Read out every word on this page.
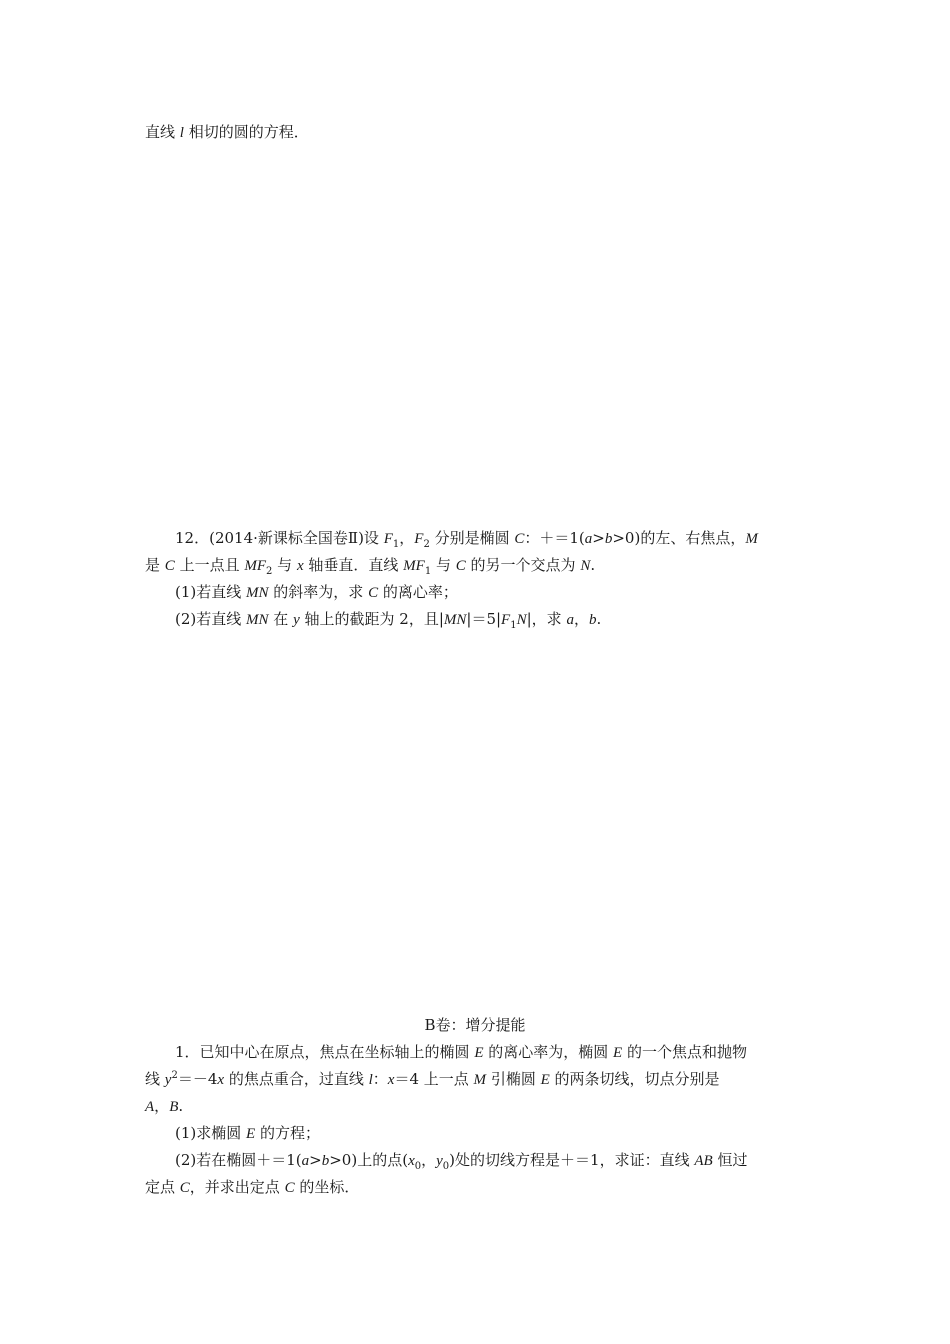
直线 l 相切的圆的方程．
12．(2014·新课标全国卷Ⅱ)设 $F_1$，$F_2$ 分别是椭圆 C：＋＝1(a>b>0)的左、右焦点，M
是 C 上一点且 $MF_2$ 与 x 轴垂直．直线 $MF_1$ 与 C 的另一个交点为 N.
(1)若直线 MN 的斜率为，求 C 的离心率；
(2)若直线 MN 在 y 轴上的截距为 2，且$|MN|=5|F_1N|$，求 a，b.
B卷：增分提能
1．已知中心在原点，焦点在坐标轴上的椭圆 E 的离心率为，椭圆 E 的一个焦点和抛物
线 $y^2=-4x$ 的焦点重合，过直线 l：x＝4 上一点 M 引椭圆 E 的两条切线，切点分别是
A，B.
(1)求椭圆 E 的方程；
(2)若在椭圆＋＝1(a>b>0)上的点($x_0$，$y_0$)处的切线方程是＋＝1，求证：直线 AB 恒过
定点 C，并求出定点 C 的坐标．
